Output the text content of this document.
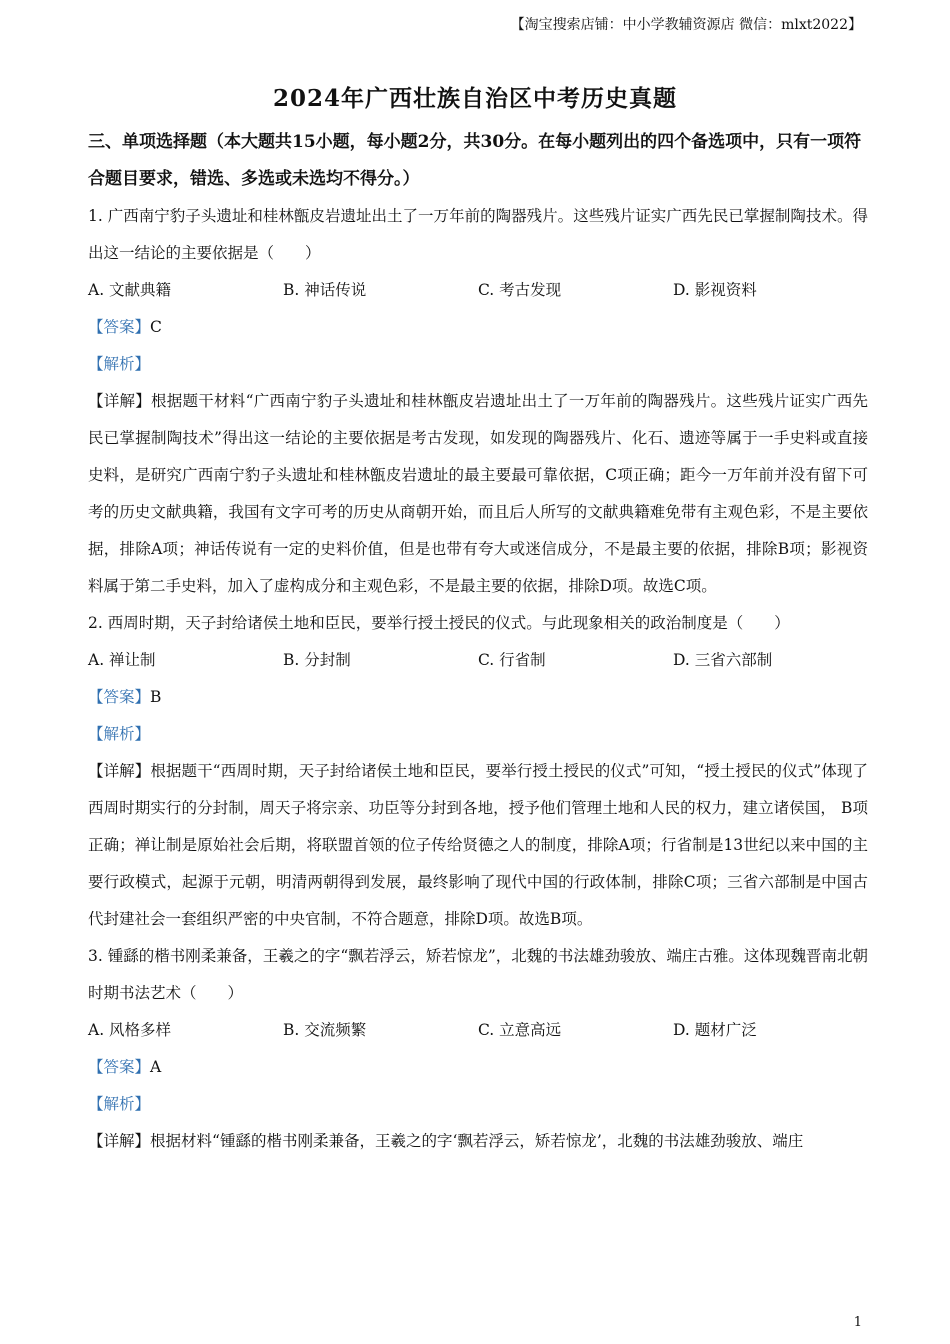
【淘宝搜索店铺：中小学教辅资源店 微信：mlxt2022】
2024年广西壮族自治区中考历史真题
三、单项选择题（本大题共15小题，每小题2分，共30分。在每小题列出的四个备选项中，只有一项符合题目要求，错选、多选或未选均不得分。）
1. 广西南宁豹子头遗址和桂林甑皮岩遗址出土了一万年前的陶器残片。这些残片证实广西先民已掌握制陶技术。得出这一结论的主要依据是（　　）
A. 文献典籍	B. 神话传说	C. 考古发现	D. 影视资料
【答案】C
【解析】
【详解】根据题干材料“广西南宁豹子头遗址和桂林甑皮岩遗址出土了一万年前的陶器残片。这些残片证实广西先民已掌握制陶技术”得出这一结论的主要依据是考古发现，如发现的陶器残片、化石、遗迹等属于一手史料或直接史料，是研究广西南宁豹子头遗址和桂林甑皮岩遗址的最主要最可靠依据，C项正确；距今一万年前并没有留下可考的历史文献典籍，我国有文字可考的历史从商朝开始，而且后人所写的文献典籍难免带有主观色彩，不是主要依据，排除A项；神话传说有一定的史料价值，但是也带有夸大或迷信成分，不是最主要的依据，排除B项；影视资料属于第二手史料，加入了虚构成分和主观色彩，不是最主要的依据，排除D项。故选C项。
2. 西周时期，天子封给诸侯土地和臣民，要举行授土授民的仪式。与此现象相关的政治制度是（　　）
A. 禅让制	B. 分封制	C. 行省制	D. 三省六部制
【答案】B
【解析】
【详解】根据题干“西周时期，天子封给诸侯土地和臣民，要举行授土授民的仪式”可知，“授土授民的仪式”体现了西周时期实行的分封制，周天子将宗亲、功臣等分封到各地，授予他们管理土地和人民的权力，建立诸侯国， B项正确；禅让制是原始社会后期，将联盟首领的位子传给贤德之人的制度，排除A项；行省制是13世纪以来中国的主要行政模式，起源于元朝，明清两朝得到发展，最终影响了现代中国的行政体制，排除C项；三省六部制是中国古代封建社会一套组织严密的中央官制，不符合题意，排除D项。故选B项。
3. 锺繇的楷书刚柔兼备，王羲之的字“飘若浮云，矫若惊龙”，北魏的书法雄劲骏放、端庄古雅。这体现魏晋南北朝时期书法艺术（　　）
A. 风格多样	B. 交流频繁	C. 立意高远	D. 题材广泛
【答案】A
【解析】
【详解】根据材料“锺繇的楷书刚柔兼备，王羲之的字‘飘若浮云，矫若惊龙’，北魏的书法雄劲骏放、端庄
1
